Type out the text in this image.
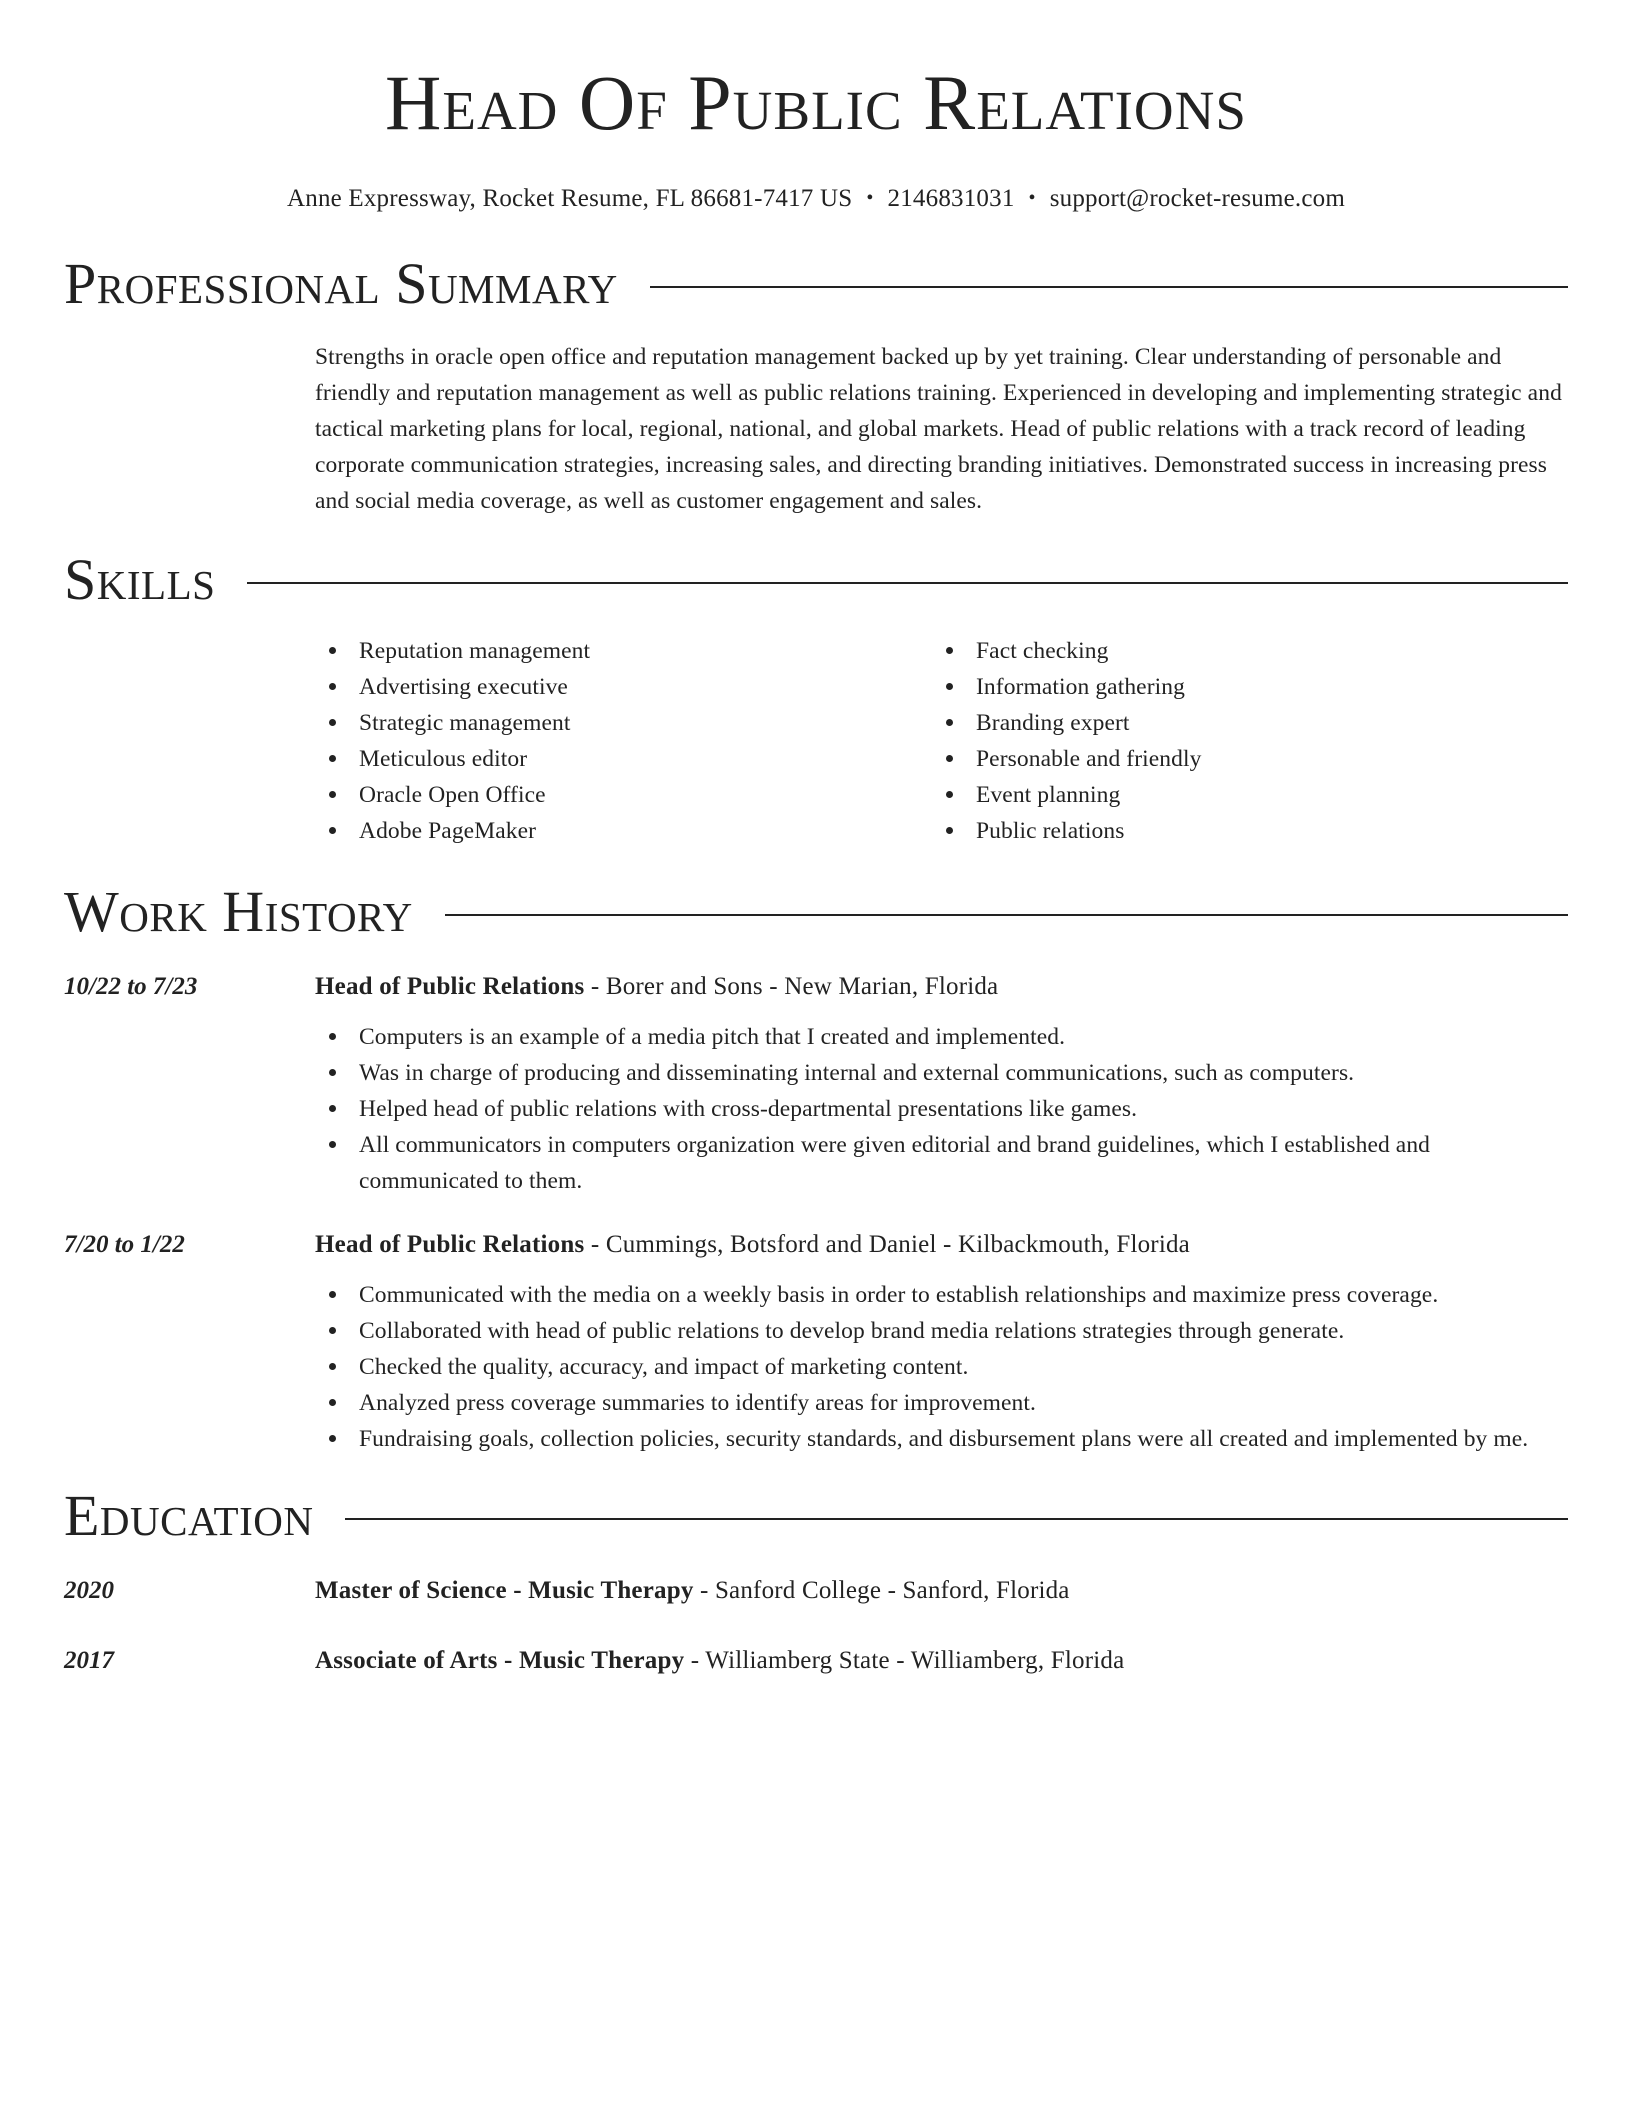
Head Of Public Relations
Anne Expressway, Rocket Resume, FL 86681-7417 US • 2146831031 • support@rocket-resume.com
Professional Summary
Strengths in oracle open office and reputation management backed up by yet training. Clear understanding of personable and friendly and reputation management as well as public relations training. Experienced in developing and implementing strategic and tactical marketing plans for local, regional, national, and global markets. Head of public relations with a track record of leading corporate communication strategies, increasing sales, and directing branding initiatives. Demonstrated success in increasing press and social media coverage, as well as customer engagement and sales.
Skills
Reputation management
Advertising executive
Strategic management
Meticulous editor
Oracle Open Office
Adobe PageMaker
Fact checking
Information gathering
Branding expert
Personable and friendly
Event planning
Public relations
Work History
10/22 to 7/23	Head of Public Relations - Borer and Sons - New Marian, Florida
Computers is an example of a media pitch that I created and implemented.
Was in charge of producing and disseminating internal and external communications, such as computers.
Helped head of public relations with cross-departmental presentations like games.
All communicators in computers organization were given editorial and brand guidelines, which I established and communicated to them.
7/20 to 1/22	Head of Public Relations - Cummings, Botsford and Daniel - Kilbackmouth, Florida
Communicated with the media on a weekly basis in order to establish relationships and maximize press coverage.
Collaborated with head of public relations to develop brand media relations strategies through generate.
Checked the quality, accuracy, and impact of marketing content.
Analyzed press coverage summaries to identify areas for improvement.
Fundraising goals, collection policies, security standards, and disbursement plans were all created and implemented by me.
Education
2020	Master of Science - Music Therapy - Sanford College - Sanford, Florida
2017	Associate of Arts - Music Therapy - Williamberg State - Williamberg, Florida
